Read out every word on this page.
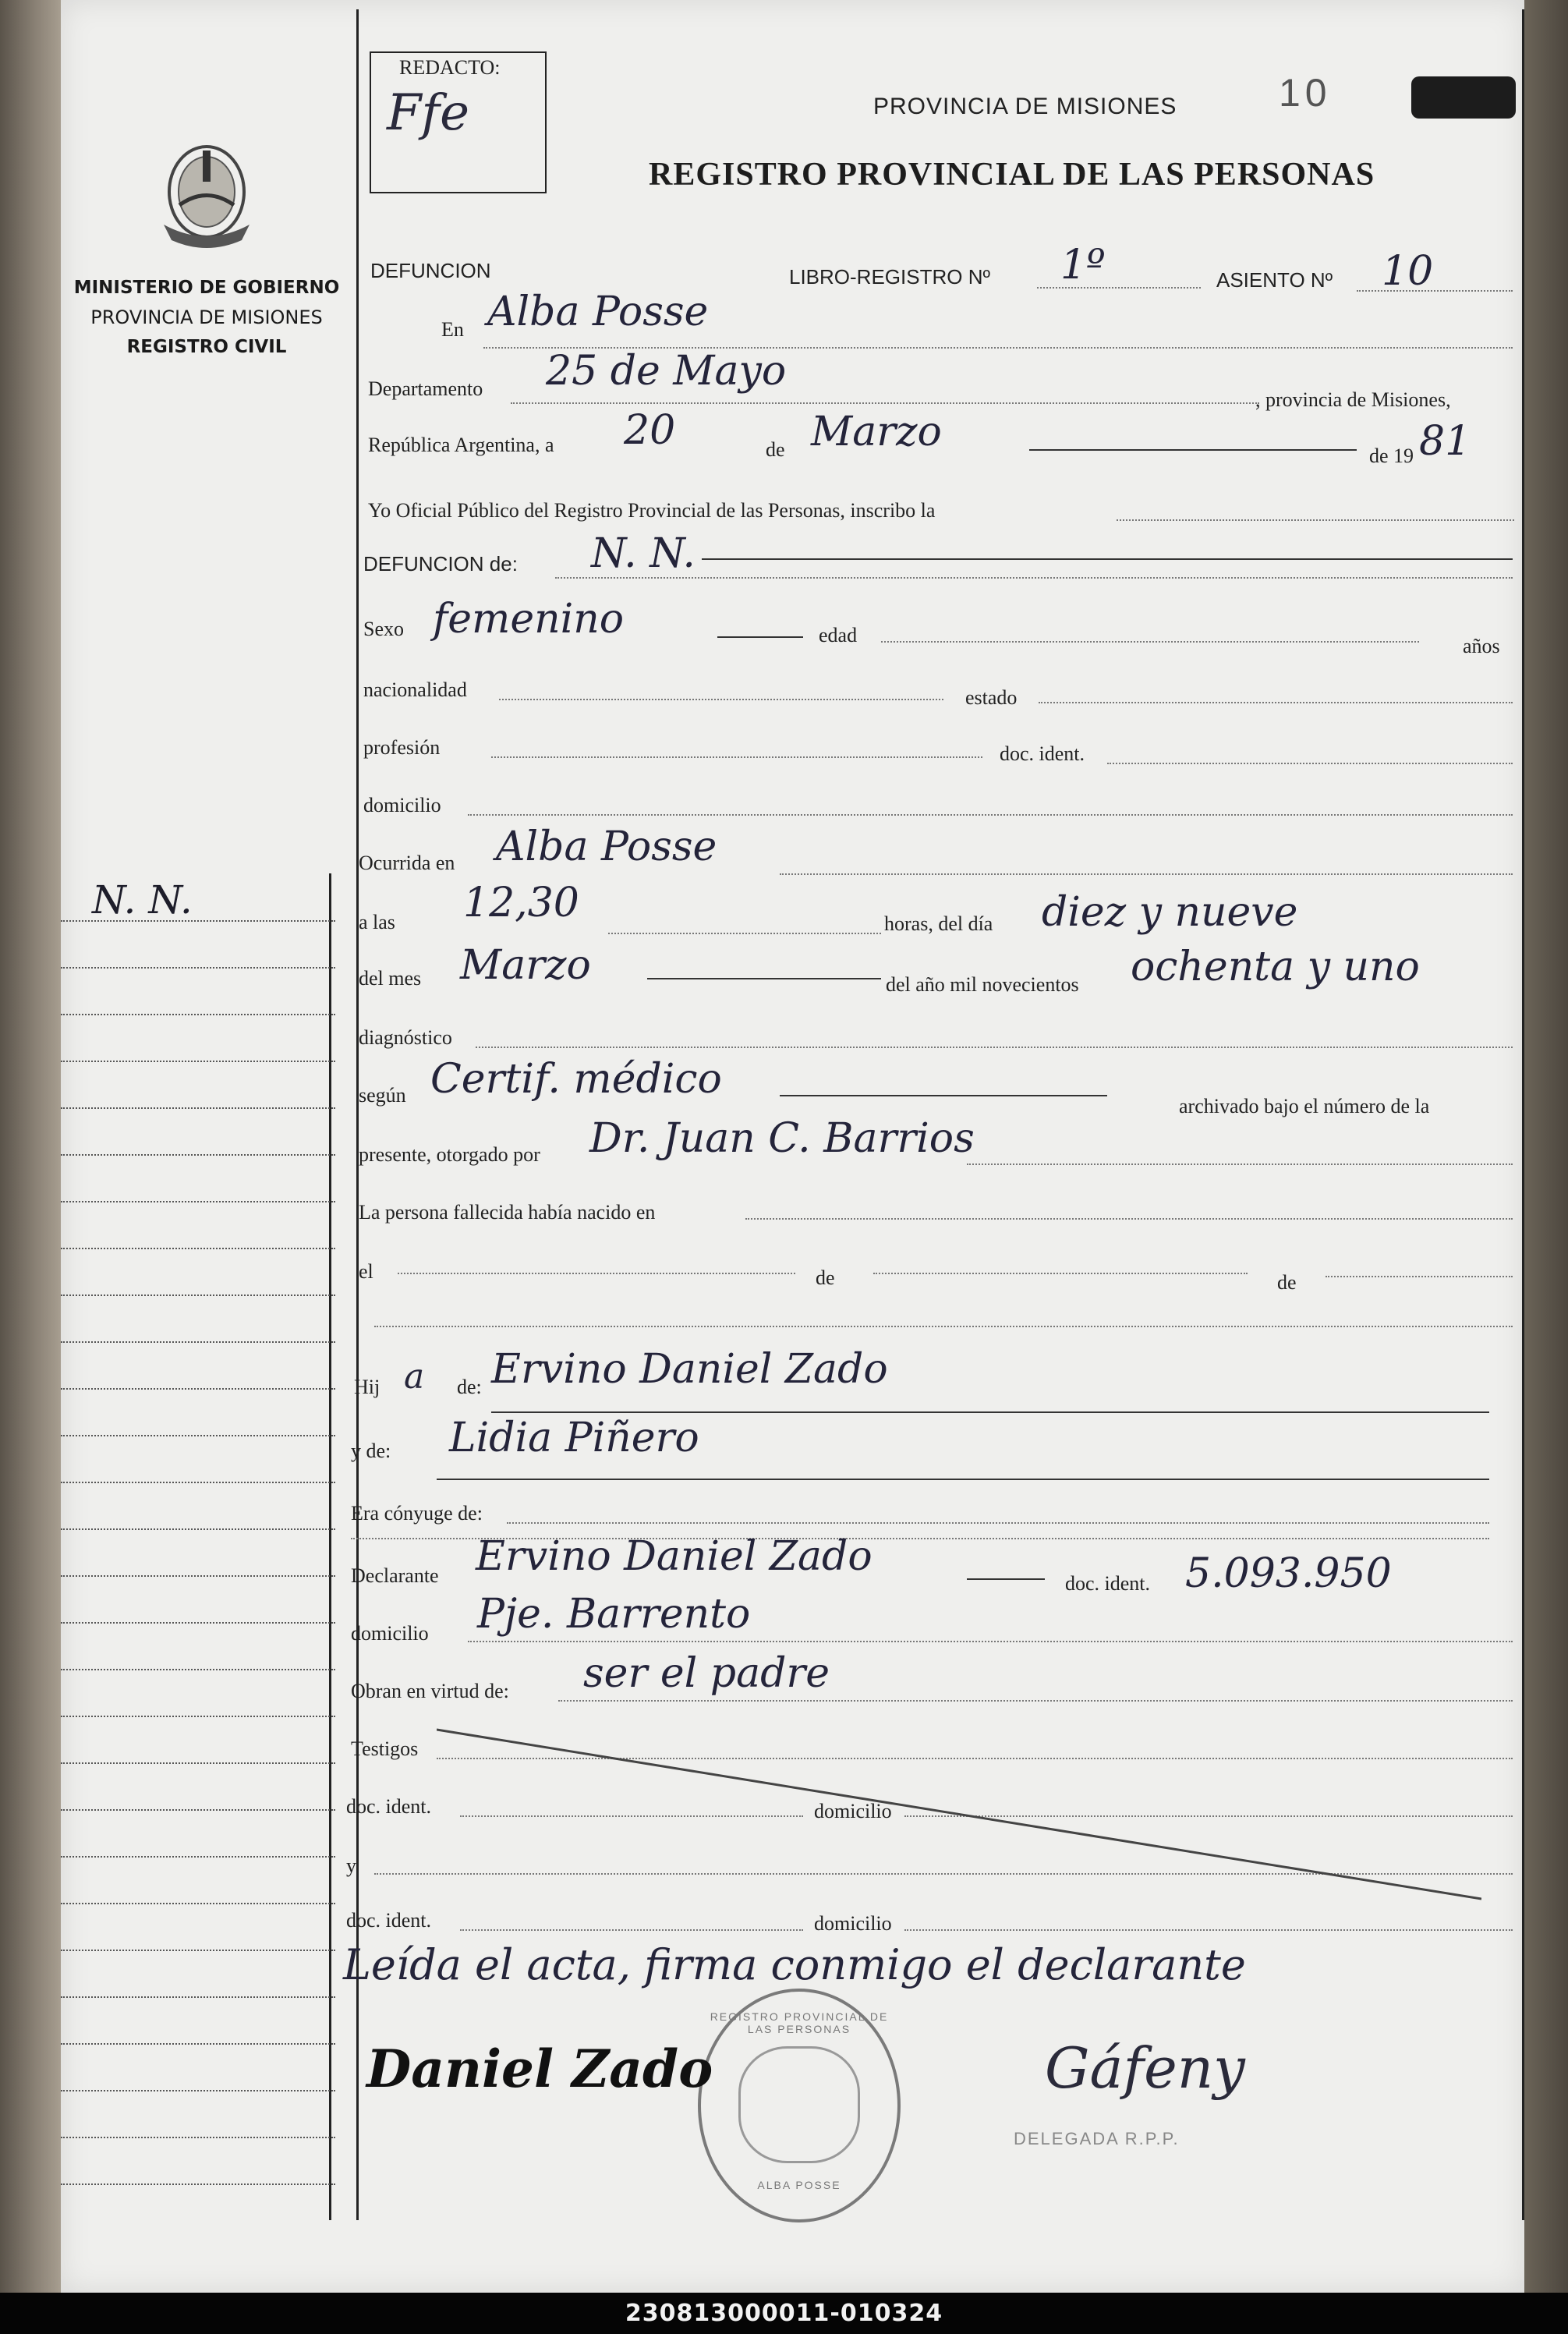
MINISTERIO DE GOBIERNO
PROVINCIA DE MISIONES
REGISTRO CIVIL
N. N.
REDACTO:
Ffe	PROVINCIA DE MISIONES
REGISTRO PROVINCIAL DE LAS PERSONAS
10
DEFUNCION	LIBRO-REGISTRO Nº 1º	ASIENTO Nº 10
En Alba Posse
Departamento 25 de Mayo
, provincia de Misiones,
República Argentina, a 20	de Marzo
de 19 81
Yo Oficial Público del Registro Provincial de las Personas, inscribo la
DEFUNCION de: N. N.
Sexo femenino	edad	años
nacionalidad	estado
profesión	doc. ident.
domicilio
Ocurrida en Alba Posse
a las 12,30	horas, del día diez y nueve
del mes Marzo	del año mil novecientos ochenta y uno
diagnóstico
según Certif. médico
archivado bajo el número de la
presente, otorgado por Dr. Juan C. Barrios
La persona fallecida había nacido en
el	de	de
Hij a de: Ervino Daniel Zado
y de: Lidia Piñero
Era cónyuge de:
Declarante Ervino Daniel Zado
doc. ident. 5.093.950
domicilio Pje. Barrento
Obran en virtud de: ser el padre
Testigos
doc. ident.	domicilio
y
doc. ident.	domicilio
Leída el acta, firma conmigo el declarante
REGISTRO PROVINCIAL DE LAS PERSONAS
ALBA POSSE
Daniel Zado	Gáfeny
DELEGADA R.P.P.
230813000011-010324
